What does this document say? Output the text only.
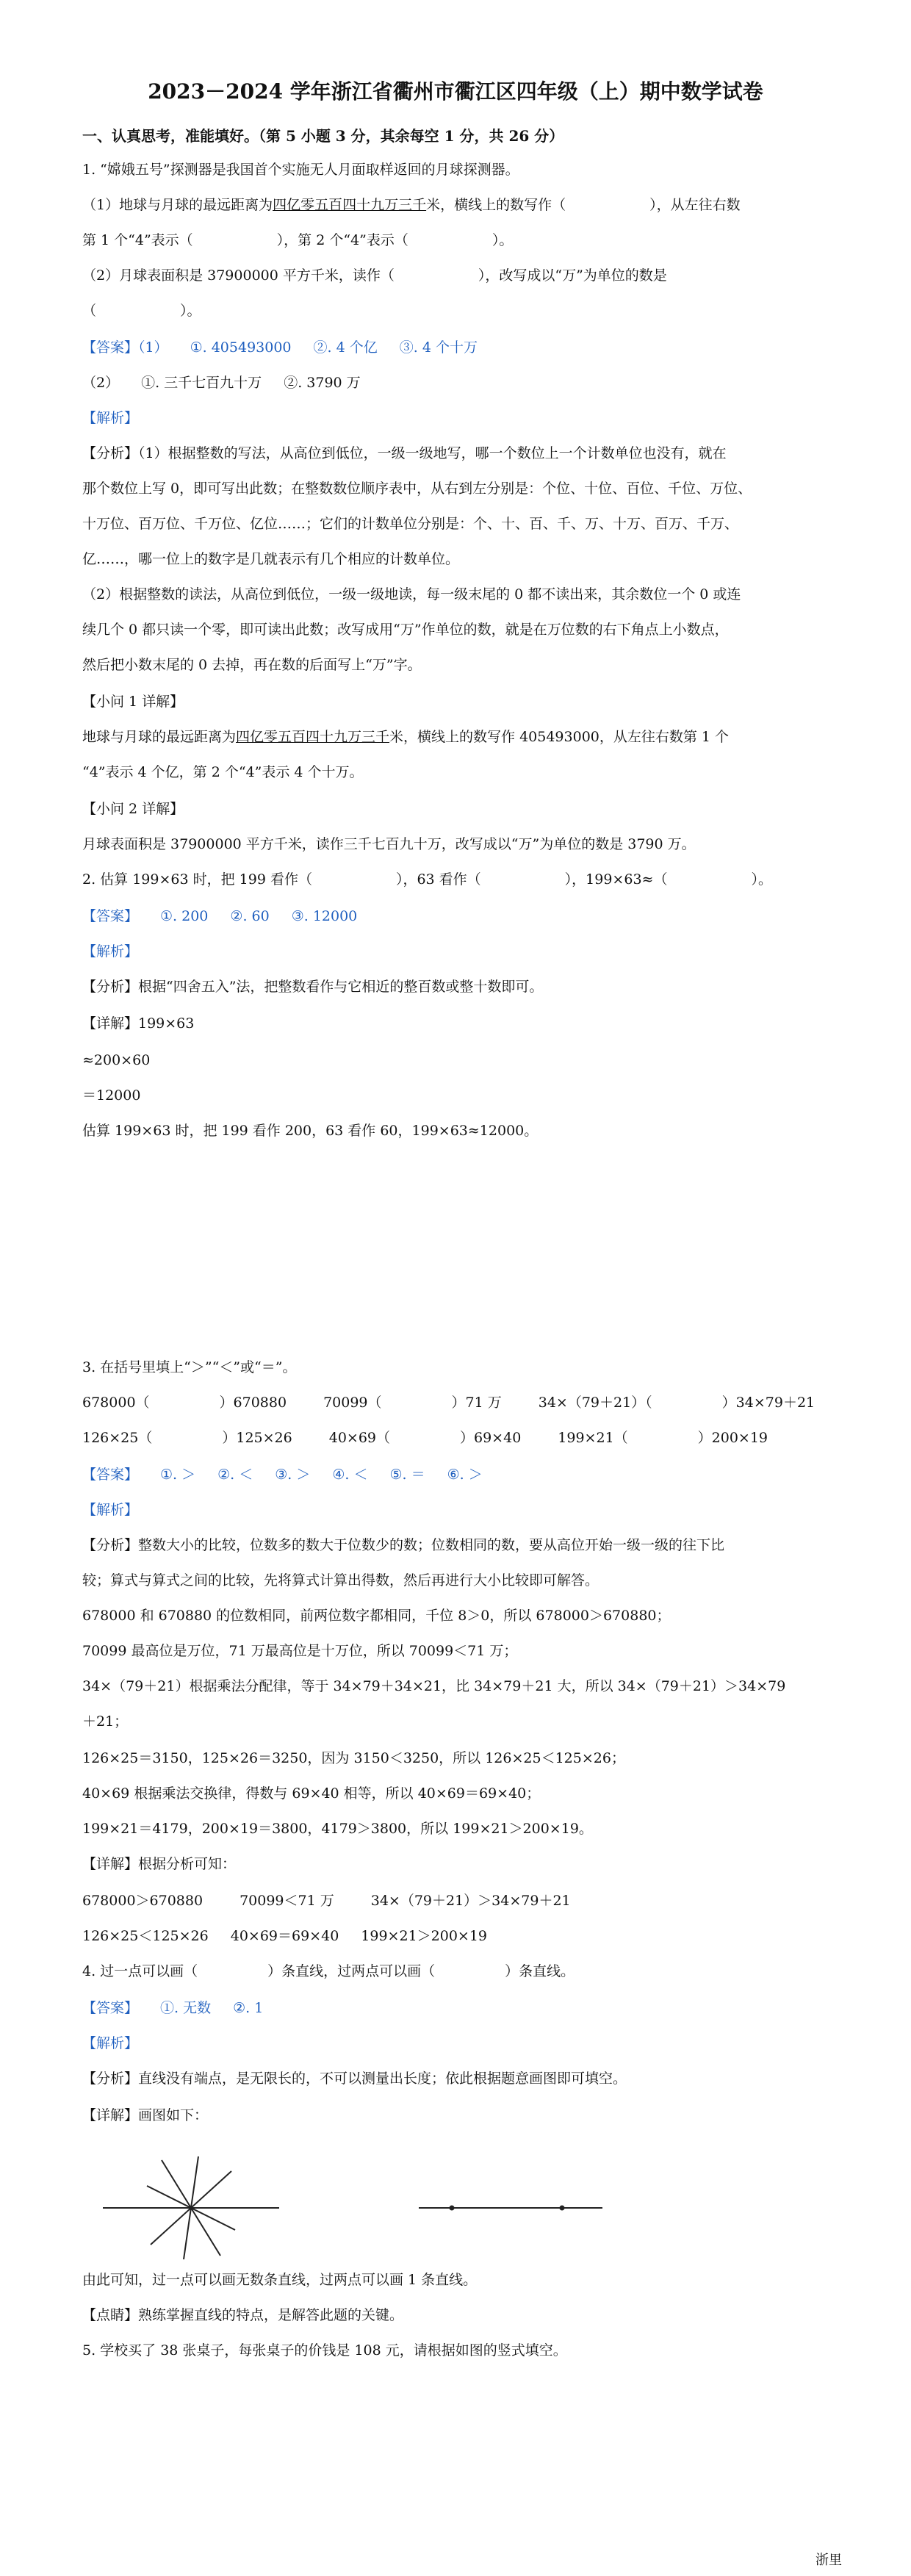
2023－2024 学年浙江省衢州市衢江区四年级（上）期中数学试卷
一、认真思考，准能填好。（第 5 小题 3 分，其余每空 1 分，共 26 分）
1. “嫦娥五号”探测器是我国首个实施无人月面取样返回的月球探测器。
（1）地球与月球的最远距离为四亿零五百四十九万三千米，横线上的数写作（　　　　　　），从左往右数
第 1 个“4”表示（　　　　　　），第 2 个“4”表示（　　　　　　）。
（2）月球表面积是 37900000 平方千米，读作（　　　　　　），改写成以“万”为单位的数是
（　　　　　　）。
【答案】（1） ①. 405493000 ②. 4 个亿 ③. 4 个十万
（2） ①. 三千七百九十万 ②. 3790 万
【解析】
【分析】（1）根据整数的写法，从高位到低位，一级一级地写，哪一个数位上一个计数单位也没有，就在
那个数位上写 0，即可写出此数；在整数数位顺序表中，从右到左分别是：个位、十位、百位、千位、万位、
十万位、百万位、千万位、亿位……；它们的计数单位分别是：个、十、百、千、万、十万、百万、千万、
亿……，哪一位上的数字是几就表示有几个相应的计数单位。
（2）根据整数的读法，从高位到低位，一级一级地读，每一级末尾的 0 都不读出来，其余数位一个 0 或连
续几个 0 都只读一个零，即可读出此数；改写成用“万”作单位的数，就是在万位数的右下角点上小数点，
然后把小数末尾的 0 去掉，再在数的后面写上“万”字。
【小问 1 详解】
地球与月球的最远距离为四亿零五百四十九万三千米，横线上的数写作 405493000，从左往右数第 1 个
“4”表示 4 个亿，第 2 个“4”表示 4 个十万。
【小问 2 详解】
月球表面积是 37900000 平方千米，读作三千七百九十万，改写成以“万”为单位的数是 3790 万。
2. 估算 199×63 时，把 199 看作（　　　　　　），63 看作（　　　　　　），199×63≈（　　　　　　）。
【答案】 ①. 200 ②. 60 ③. 12000
【解析】
【分析】根据“四舍五入”法，把整数看作与它相近的整百数或整十数即可。
【详解】199×63
≈200×60
＝12000
估算 199×63 时，把 199 看作 200，63 看作 60，199×63≈12000。
3. 在括号里填上“＞”“＜”或“＝”。
678000（　　　　　）670880	70099（　　　　　）71 万	34×（79＋21）（　　　　　）34×79＋21
126×25（　　　　　）125×26	40×69（　　　　　）69×40	199×21（　　　　　）200×19
【答案】 ①. ＞ ②. ＜ ③. ＞ ④. ＜ ⑤. ＝ ⑥. ＞
【解析】
【分析】整数大小的比较，位数多的数大于位数少的数；位数相同的数，要从高位开始一级一级的往下比
较；算式与算式之间的比较，先将算式计算出得数，然后再进行大小比较即可解答。
678000 和 670880 的位数相同，前两位数字都相同，千位 8＞0，所以 678000＞670880；
70099 最高位是万位，71 万最高位是十万位，所以 70099＜71 万；
34×（79＋21）根据乘法分配律，等于 34×79＋34×21，比 34×79＋21 大，所以 34×（79＋21）＞34×79
＋21；
126×25＝3150，125×26＝3250，因为 3150＜3250，所以 126×25＜125×26；
40×69 根据乘法交换律，得数与 69×40 相等，所以 40×69＝69×40；
199×21＝4179，200×19＝3800，4179＞3800，所以 199×21＞200×19。
【详解】根据分析可知：
678000＞670880	70099＜71 万	34×（79＋21）＞34×79＋21
126×25＜125×26 40×69＝69×40 199×21＞200×19
4. 过一点可以画（　　　　　）条直线，过两点可以画（　　　　　）条直线。
【答案】 ①. 无数 ②. 1
【解析】
【分析】直线没有端点，是无限长的，不可以测量出长度；依此根据题意画图即可填空。
【详解】画图如下：
由此可知，过一点可以画无数条直线，过两点可以画 1 条直线。
【点睛】熟练掌握直线的特点，是解答此题的关键。
5. 学校买了 38 张桌子，每张桌子的价钱是 108 元，请根据如图的竖式填空。
浙里
